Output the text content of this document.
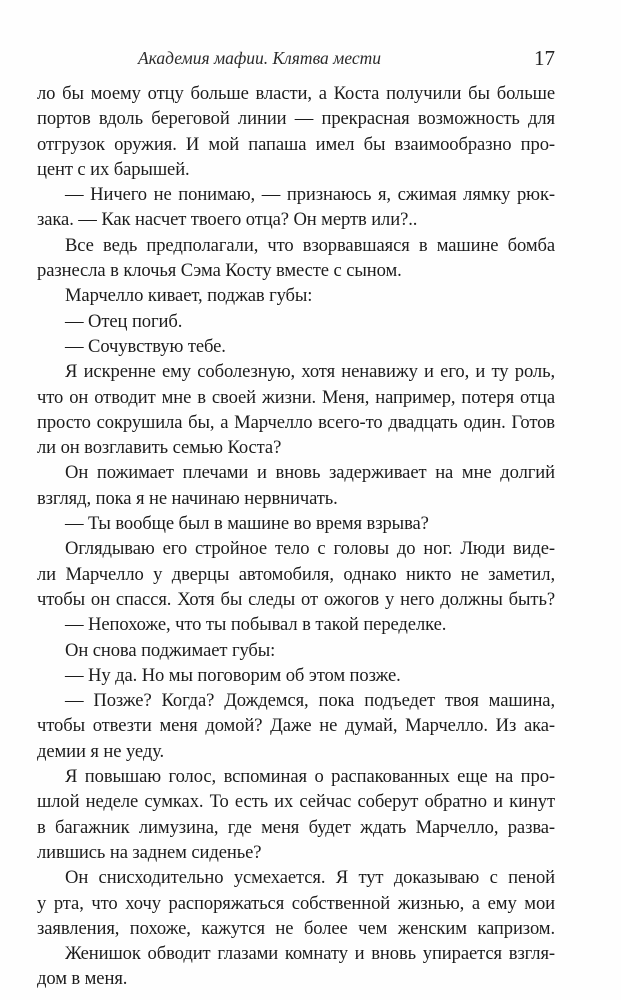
Академия мафии. Клятва мести	17
ло бы моему отцу больше власти, а Коста получили бы больше
портов вдоль береговой линии — прекрасная возможность для
отгрузок оружия. И мой папаша имел бы взаимообразно про-
цент с их барышей.
— Ничего не понимаю, — признаюсь я, сжимая лямку рюк-
зака. — Как насчет твоего отца? Он мертв или?..
Все ведь предполагали, что взорвавшаяся в машине бомба
разнесла в клочья Сэма Косту вместе с сыном.
Марчелло кивает, поджав губы:
— Отец погиб.
— Сочувствую тебе.
Я искренне ему соболезную, хотя ненавижу и его, и ту роль,
что он отводит мне в своей жизни. Меня, например, потеря отца
просто сокрушила бы, а Марчелло всего-то двадцать один. Готов
ли он возглавить семью Коста?
Он пожимает плечами и вновь задерживает на мне долгий
взгляд, пока я не начинаю нервничать.
— Ты вообще был в машине во время взрыва?
Оглядываю его стройное тело с головы до ног. Люди виде-
ли Марчелло у дверцы автомобиля, однако никто не заметил,
чтобы он спасся. Хотя бы следы от ожогов у него должны быть?
— Непохоже, что ты побывал в такой переделке.
Он снова поджимает губы:
— Ну да. Но мы поговорим об этом позже.
— Позже? Когда? Дождемся, пока подъедет твоя машина,
чтобы отвезти меня домой? Даже не думай, Марчелло. Из ака-
демии я не уеду.
Я повышаю голос, вспоминая о распакованных еще на про-
шлой неделе сумках. То есть их сейчас соберут обратно и кинут
в багажник лимузина, где меня будет ждать Марчелло, разва-
лившись на заднем сиденье?
Он снисходительно усмехается. Я тут доказываю с пеной
у рта, что хочу распоряжаться собственной жизнью, а ему мои
заявления, похоже, кажутся не более чем женским капризом.
Женишок обводит глазами комнату и вновь упирается взгля-
дом в меня.
